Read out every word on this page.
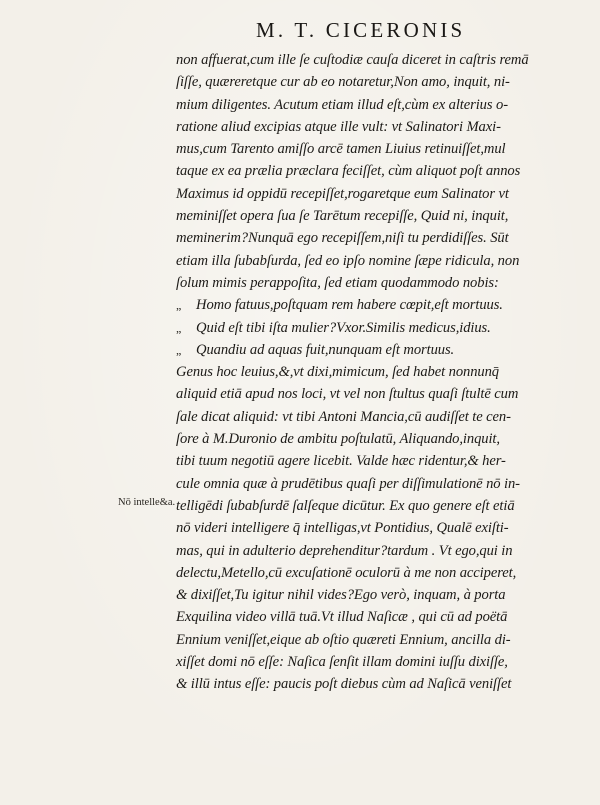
M. T. CICERONIS
Nō intelle&a.
non affuerat,cum ille ſe cuſtodiæ cauſa diceret in caſtris remā
ſiſſe, quæreretque cur ab eo notaretur,Non amo, inquit, ni-
mium diligentes. Acutum etiam illud eſt,cùm ex alterius o-
ratione aliud excipias atque ille vult: vt Salinatori Maxi-
mus,cum Tarento amiſſo arcē tamen Liuius retinuiſſet,mul
taque ex ea prælia præclara feciſſet, cùm aliquot poſt annos
Maximus id oppidū recepiſſet,rogaretque eum Salinator vt
meminiſſet opera ſua ſe Tarētum recepiſſe, Quid ni, inquit,
meminerim?Nunquā ego recepiſſem,niſi tu perdidiſſes. Sūt
etiam illa ſubabſurda, ſed eo ipſo nomine ſæpe ridicula, non
ſolum mimis perappoſita, ſed etiam quodammodo nobis:
„ Homo fatuus,poſtquam rem habere cœpit,eſt mortuus.
„ Quid eſt tibi iſta mulier?Vxor.Similis medicus,idius.
„ Quandiu ad aquas fuit,nunquam eſt mortuus.
Genus hoc leuius,&,vt dixi,mimicum, ſed habet nonnunq̄
aliquid etiā apud nos loci, vt vel non ſtultus quaſi ſtultē cum
ſale dicat aliquid: vt tibi Antoni Mancia,cū audiſſet te cen-
ſore à M.Duronio de ambitu poſtulatū, Aliquando,inquit,
tibi tuum negotiū agere licebit. Valde hæc ridentur,& her-
cule omnia quæ à prudētibus quaſi per diſſimulationē nō in-
telligēdi ſubabſurdē ſalſeque dicūtur. Ex quo genere eſt etiā
nō videri intelligere q̄ intelligas,vt Pontidius, Qualē exiſti-
mas, qui in adulterio deprehenditur?tardum . Vt ego,qui in
delectu,Metello,cū excuſationē oculorū à me non acciperet,
& dixiſſet,Tu igitur nihil vides?Ego verò, inquam, à porta
Exquilina video villā tuā.Vt illud Naſicæ , qui cū ad poëtā
Ennium veniſſet,eique ab oſtio quæreti Ennium, ancilla di-
xiſſet domi nō eſſe: Naſica ſenſit illam domini iuſſu dixiſſe,
& illū intus eſſe: paucis poſt diebus cùm ad Naſicā veniſſet
